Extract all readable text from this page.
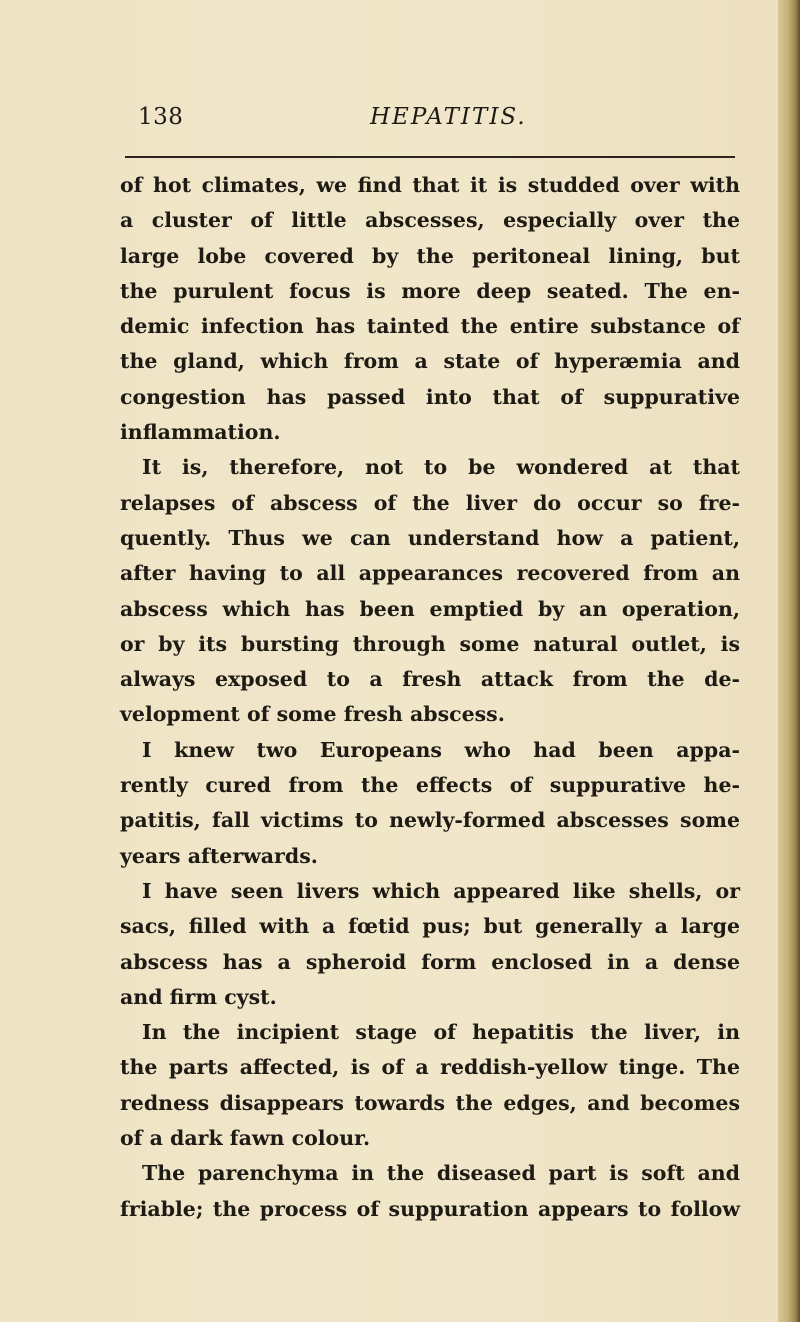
138	HEPATITIS.
of hot climates, we find that it is studded over with
a cluster of little abscesses, especially over the
large lobe covered by the peritoneal lining, but
the purulent focus is more deep seated. The en-
demic infection has tainted the entire substance of
the gland, which from a state of hyperæmia and
congestion has passed into that of suppurative
inflammation.
It is, therefore, not to be wondered at that
relapses of abscess of the liver do occur so fre-
quently. Thus we can understand how a patient,
after having to all appearances recovered from an
abscess which has been emptied by an operation,
or by its bursting through some natural outlet, is
always exposed to a fresh attack from the de-
velopment of some fresh abscess.
I knew two Europeans who had been appa-
rently cured from the effects of suppurative he-
patitis, fall victims to newly-formed abscesses some
years afterwards.
I have seen livers which appeared like shells, or
sacs, filled with a fœtid pus; but generally a large
abscess has a spheroid form enclosed in a dense
and firm cyst.
In the incipient stage of hepatitis the liver, in
the parts affected, is of a reddish-yellow tinge. The
redness disappears towards the edges, and becomes
of a dark fawn colour.
The parenchyma in the diseased part is soft and
friable; the process of suppuration appears to follow
